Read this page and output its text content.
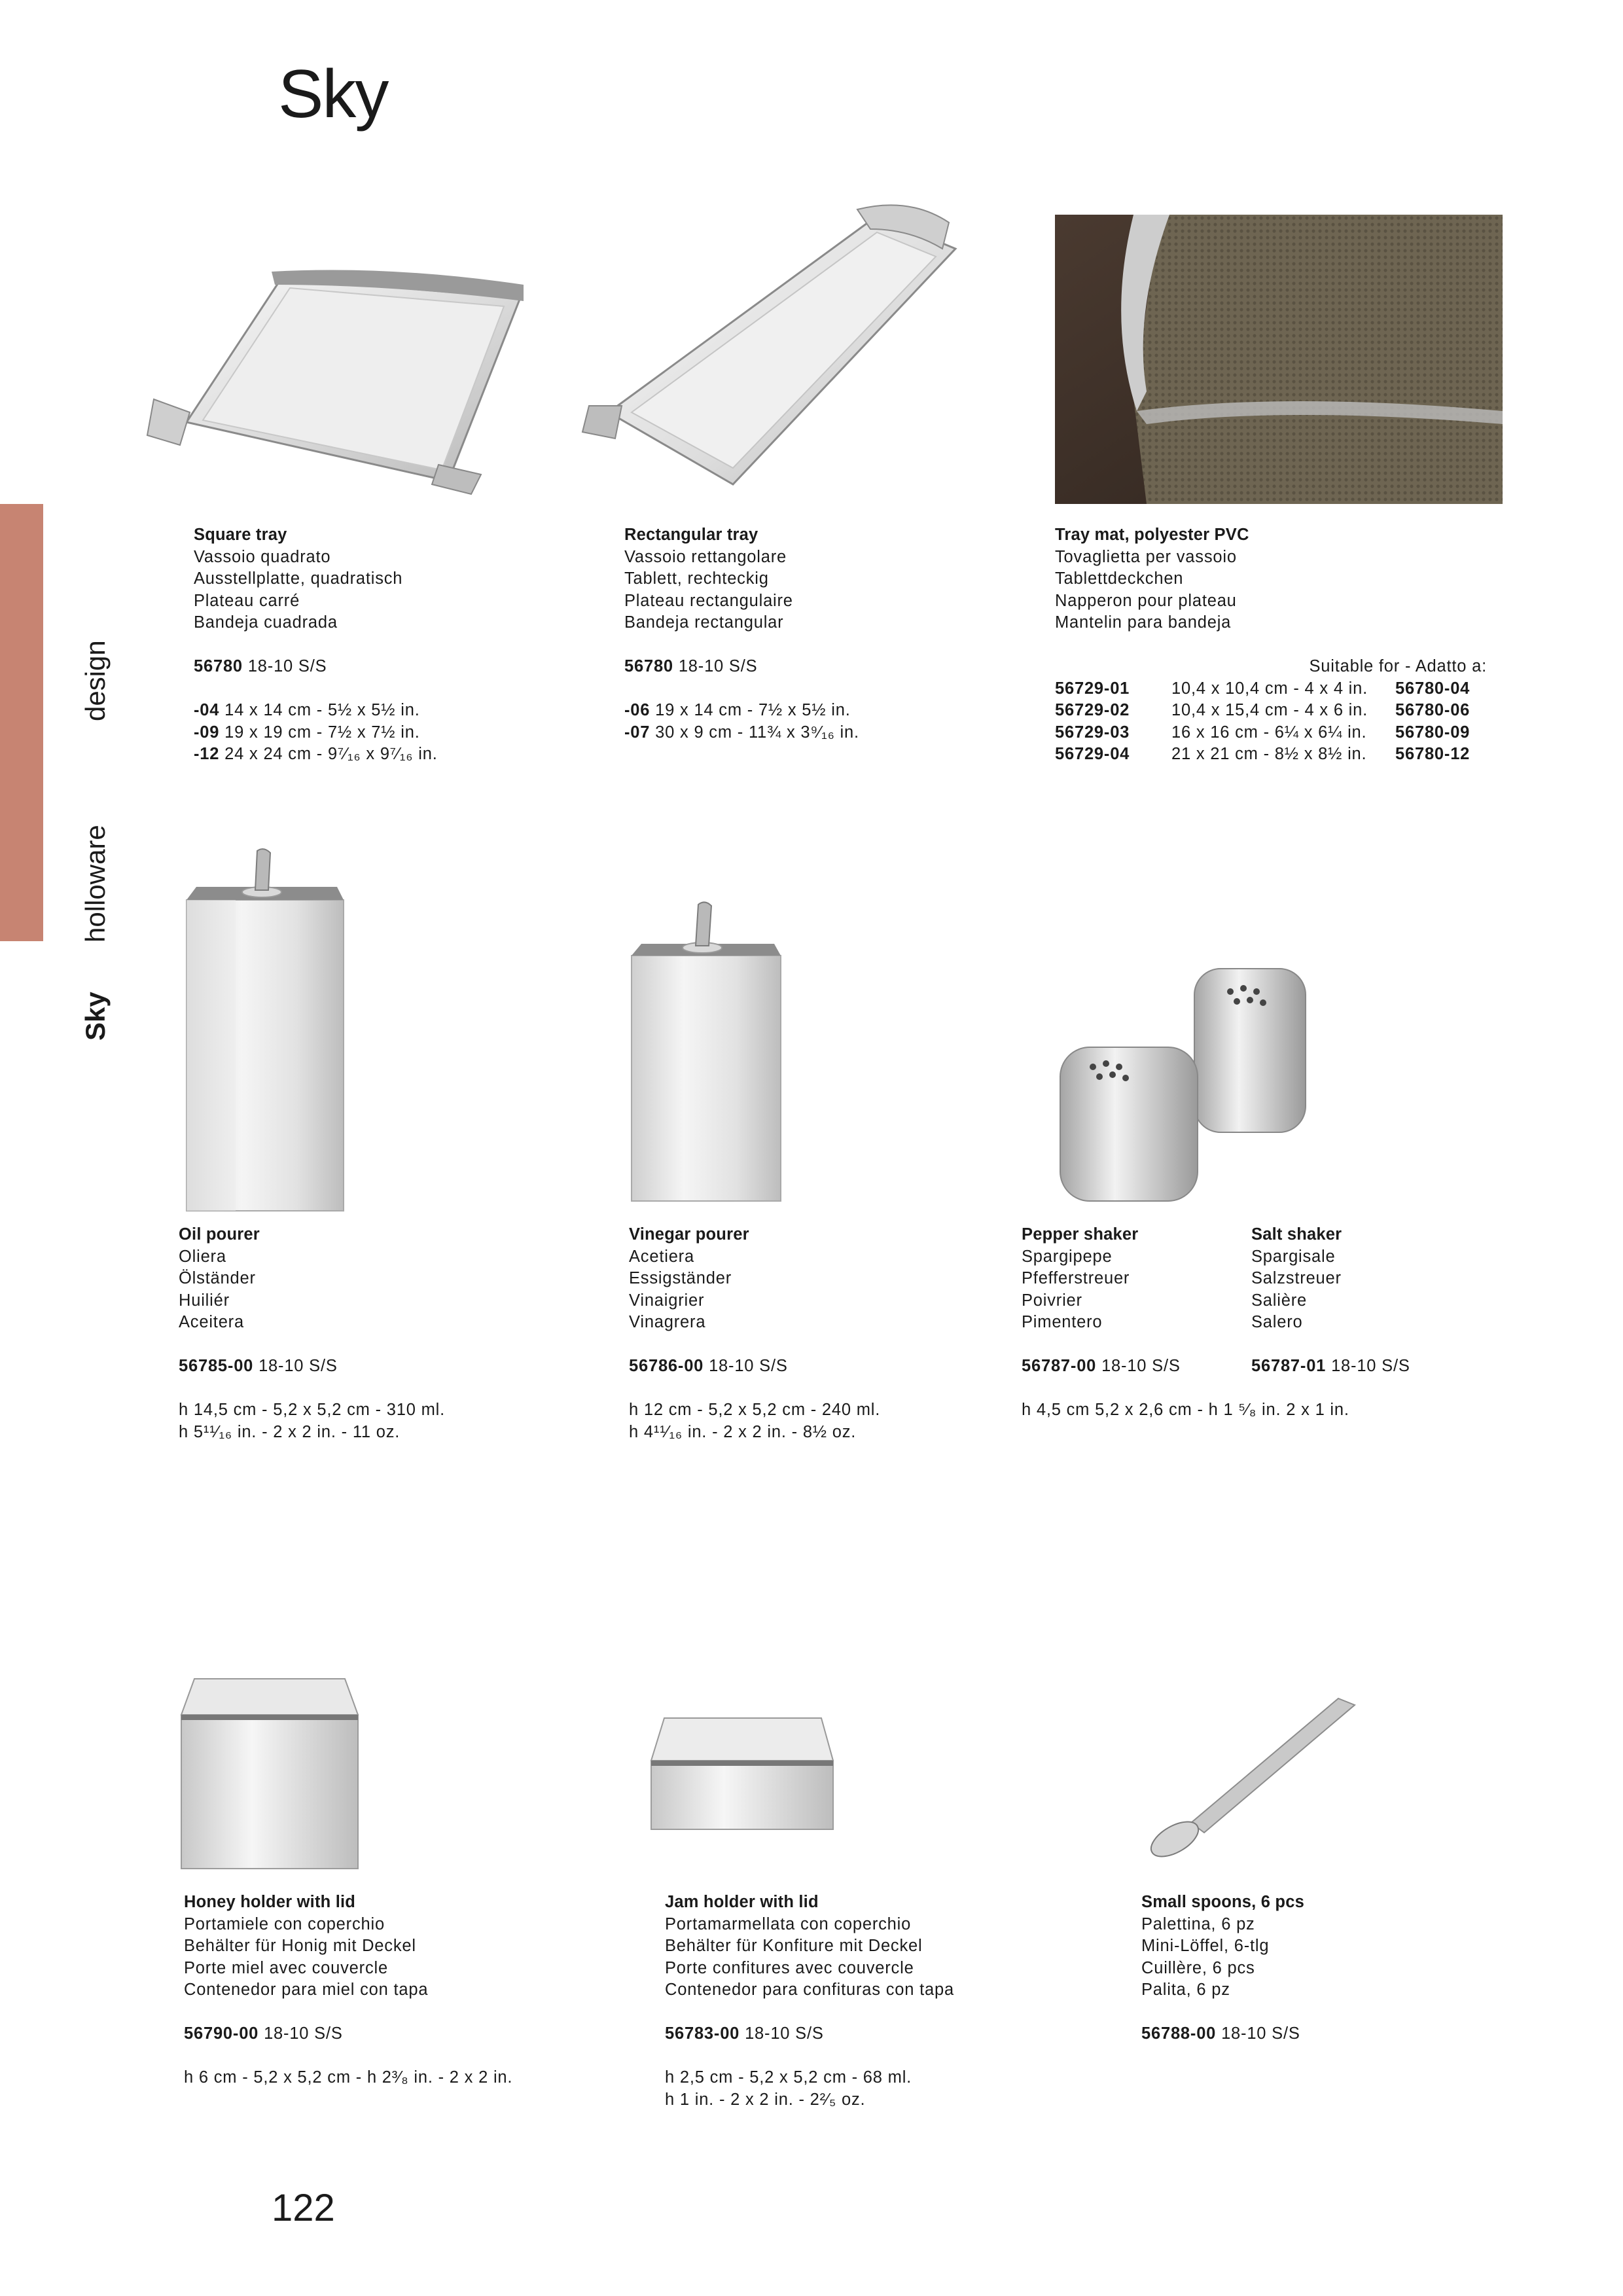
Sky
Sky
holloware
design
Square tray
Vassoio quadrato
Ausstellplatte, quadratisch
Plateau carré
Bandeja cuadrada
56780 18-10 S/S
-04 14 x 14 cm - 5½ x 5½ in.
-09 19 x 19 cm - 7½ x 7½ in.
-12 24 x 24 cm - 9⁷⁄₁₆ x 9⁷⁄₁₆ in.
Rectangular tray
Vassoio rettangolare
Tablett, rechteckig
Plateau rectangulaire
Bandeja rectangular
56780 18-10 S/S
-06 19 x 14 cm - 7½ x 5½ in.
-07 30 x 9 cm - 11¾ x 3⁹⁄₁₆ in.
Tray mat, polyester PVC
Tovaglietta per vassoio
Tablettdeckchen
Napperon pour plateau
Mantelin para bandeja
Suitable for - Adatto a:
56729-01	10,4 x 10,4 cm - 4 x 4 in.	56780-04
56729-02	10,4 x 15,4 cm - 4 x 6 in.	56780-06
56729-03	16 x 16 cm - 6¼ x 6¼ in.	56780-09
56729-04	21 x 21 cm - 8½ x 8½ in.	56780-12
Oil pourer
Oliera
Ölständer
Huiliér
Aceitera
56785-00 18-10 S/S
h 14,5 cm - 5,2 x 5,2 cm - 310 ml.
h 5¹¹⁄₁₆ in. - 2 x 2 in. - 11 oz.
Vinegar pourer
Acetiera
Essigständer
Vinaigrier
Vinagrera
56786-00 18-10 S/S
h 12 cm - 5,2 x 5,2 cm - 240 ml.
h 4¹¹⁄₁₆ in. - 2 x 2 in. - 8½ oz.
Pepper shaker
Spargipepe
Pfefferstreuer
Poivrier
Pimentero
56787-00 18-10 S/S
h 4,5 cm 5,2 x 2,6 cm - h 1 ⁵⁄₈ in. 2 x 1 in.
Salt shaker
Spargisale
Salzstreuer
Salière
Salero
56787-01 18-10 S/S
Honey holder with lid
Portamiele con coperchio
Behälter für Honig mit Deckel
Porte miel avec couvercle
Contenedor para miel con tapa
56790-00 18-10 S/S
h 6 cm - 5,2 x 5,2 cm - h 2³⁄₈ in. - 2 x 2 in.
Jam holder with lid
Portamarmellata con coperchio
Behälter für Konfiture mit Deckel
Porte confitures avec couvercle
Contenedor para confituras con tapa
56783-00 18-10 S/S
h 2,5 cm - 5,2 x 5,2 cm - 68 ml.
h 1 in. - 2 x 2 in. - 2²⁄₅ oz.
Small spoons, 6 pcs
Palettina, 6 pz
Mini-Löffel, 6-tlg
Cuillère, 6 pcs
Palita, 6 pz
56788-00 18-10 S/S
122
